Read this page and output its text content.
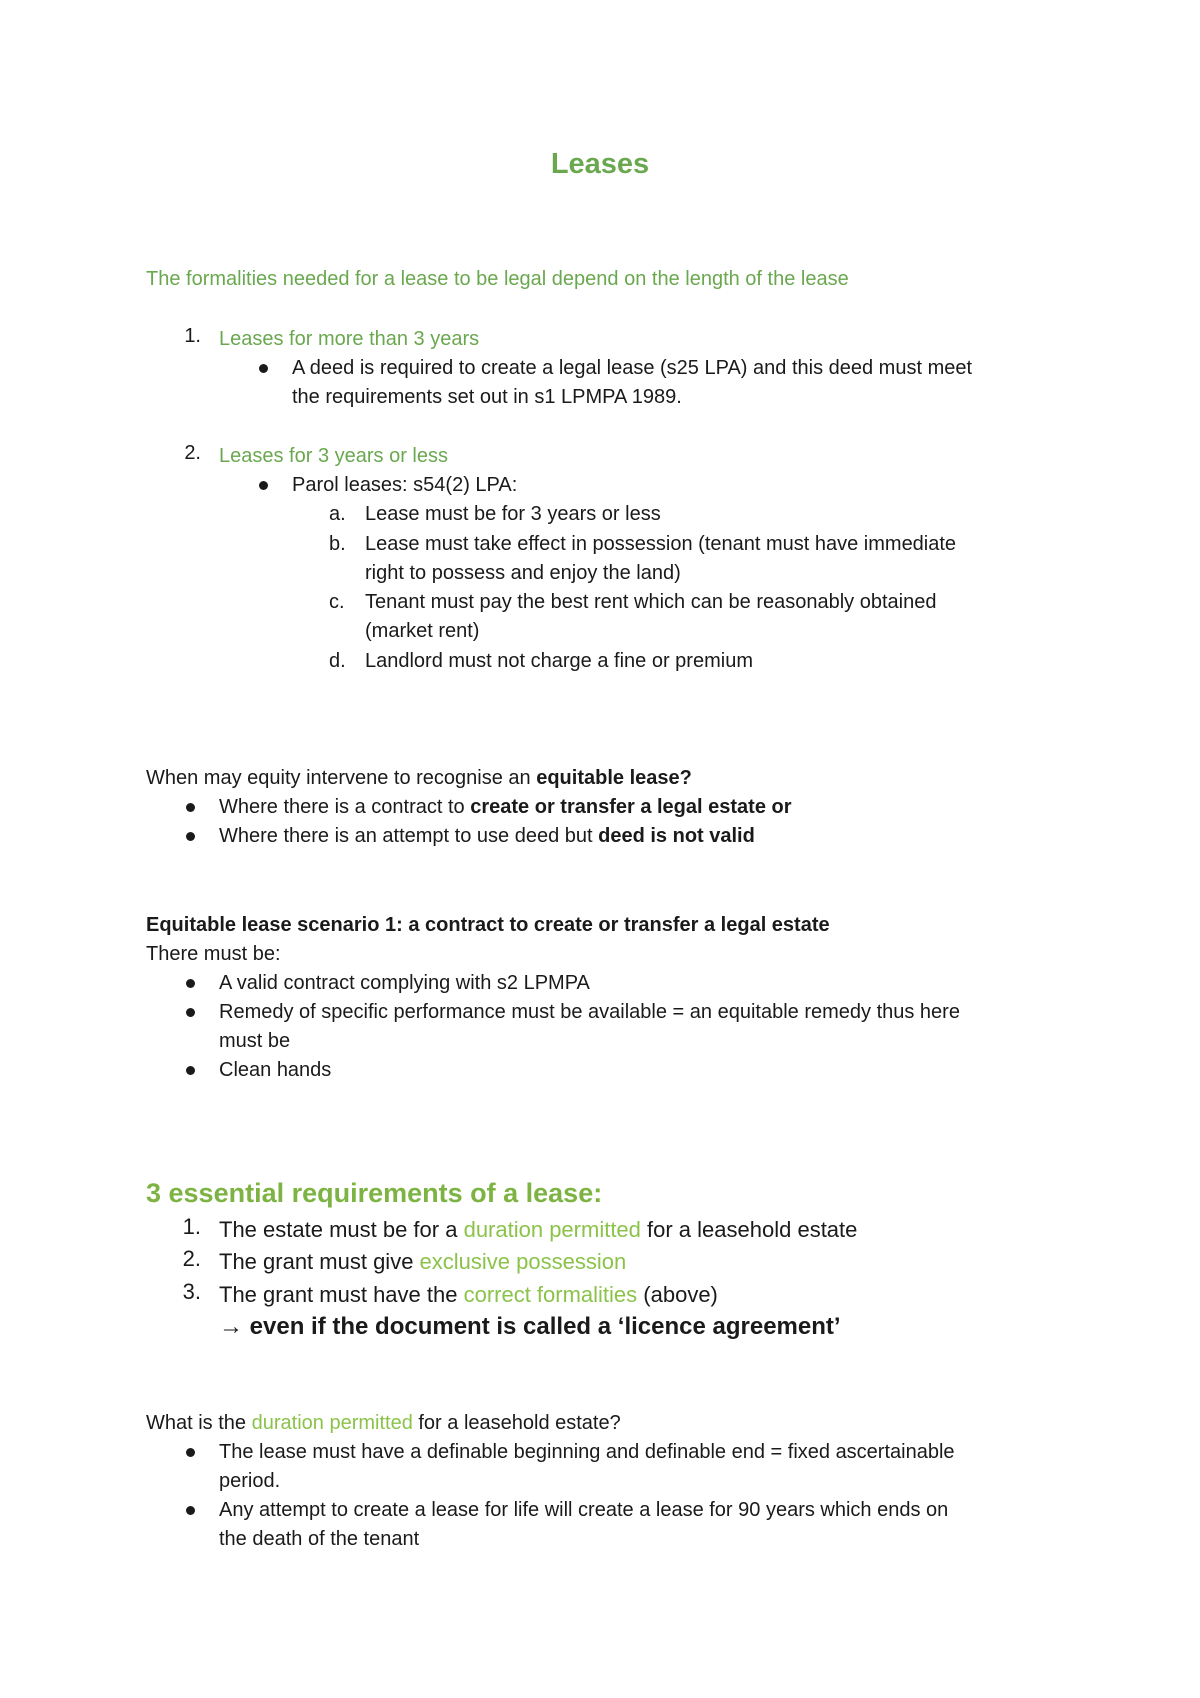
Leases
The formalities needed for a lease to be legal depend on the length of the lease
1. Leases for more than 3 years
A deed is required to create a legal lease (s25 LPA) and this deed must meet
the requirements set out in s1 LPMPA 1989.
2. Leases for 3 years or less
Parol leases: s54(2) LPA:
a. Lease must be for 3 years or less
b. Lease must take effect in possession (tenant must have immediate
right to possess and enjoy the land)
c. Tenant must pay the best rent which can be reasonably obtained
(market rent)
d. Landlord must not charge a fine or premium
When may equity intervene to recognise an equitable lease?
Where there is a contract to create or transfer a legal estate or
Where there is an attempt to use deed but deed is not valid
Equitable lease scenario 1: a contract to create or transfer a legal estate
There must be:
A valid contract complying with s2 LPMPA
Remedy of specific performance must be available = an equitable remedy thus here
must be
Clean hands
3 essential requirements of a lease:
1. The estate must be for a duration permitted for a leasehold estate
2. The grant must give exclusive possession
3. The grant must have the correct formalities (above)
→ even if the document is called a ‘licence agreement’
What is the duration permitted for a leasehold estate?
The lease must have a definable beginning and definable end = fixed ascertainable
period.
Any attempt to create a lease for life will create a lease for 90 years which ends on
the death of the tenant
